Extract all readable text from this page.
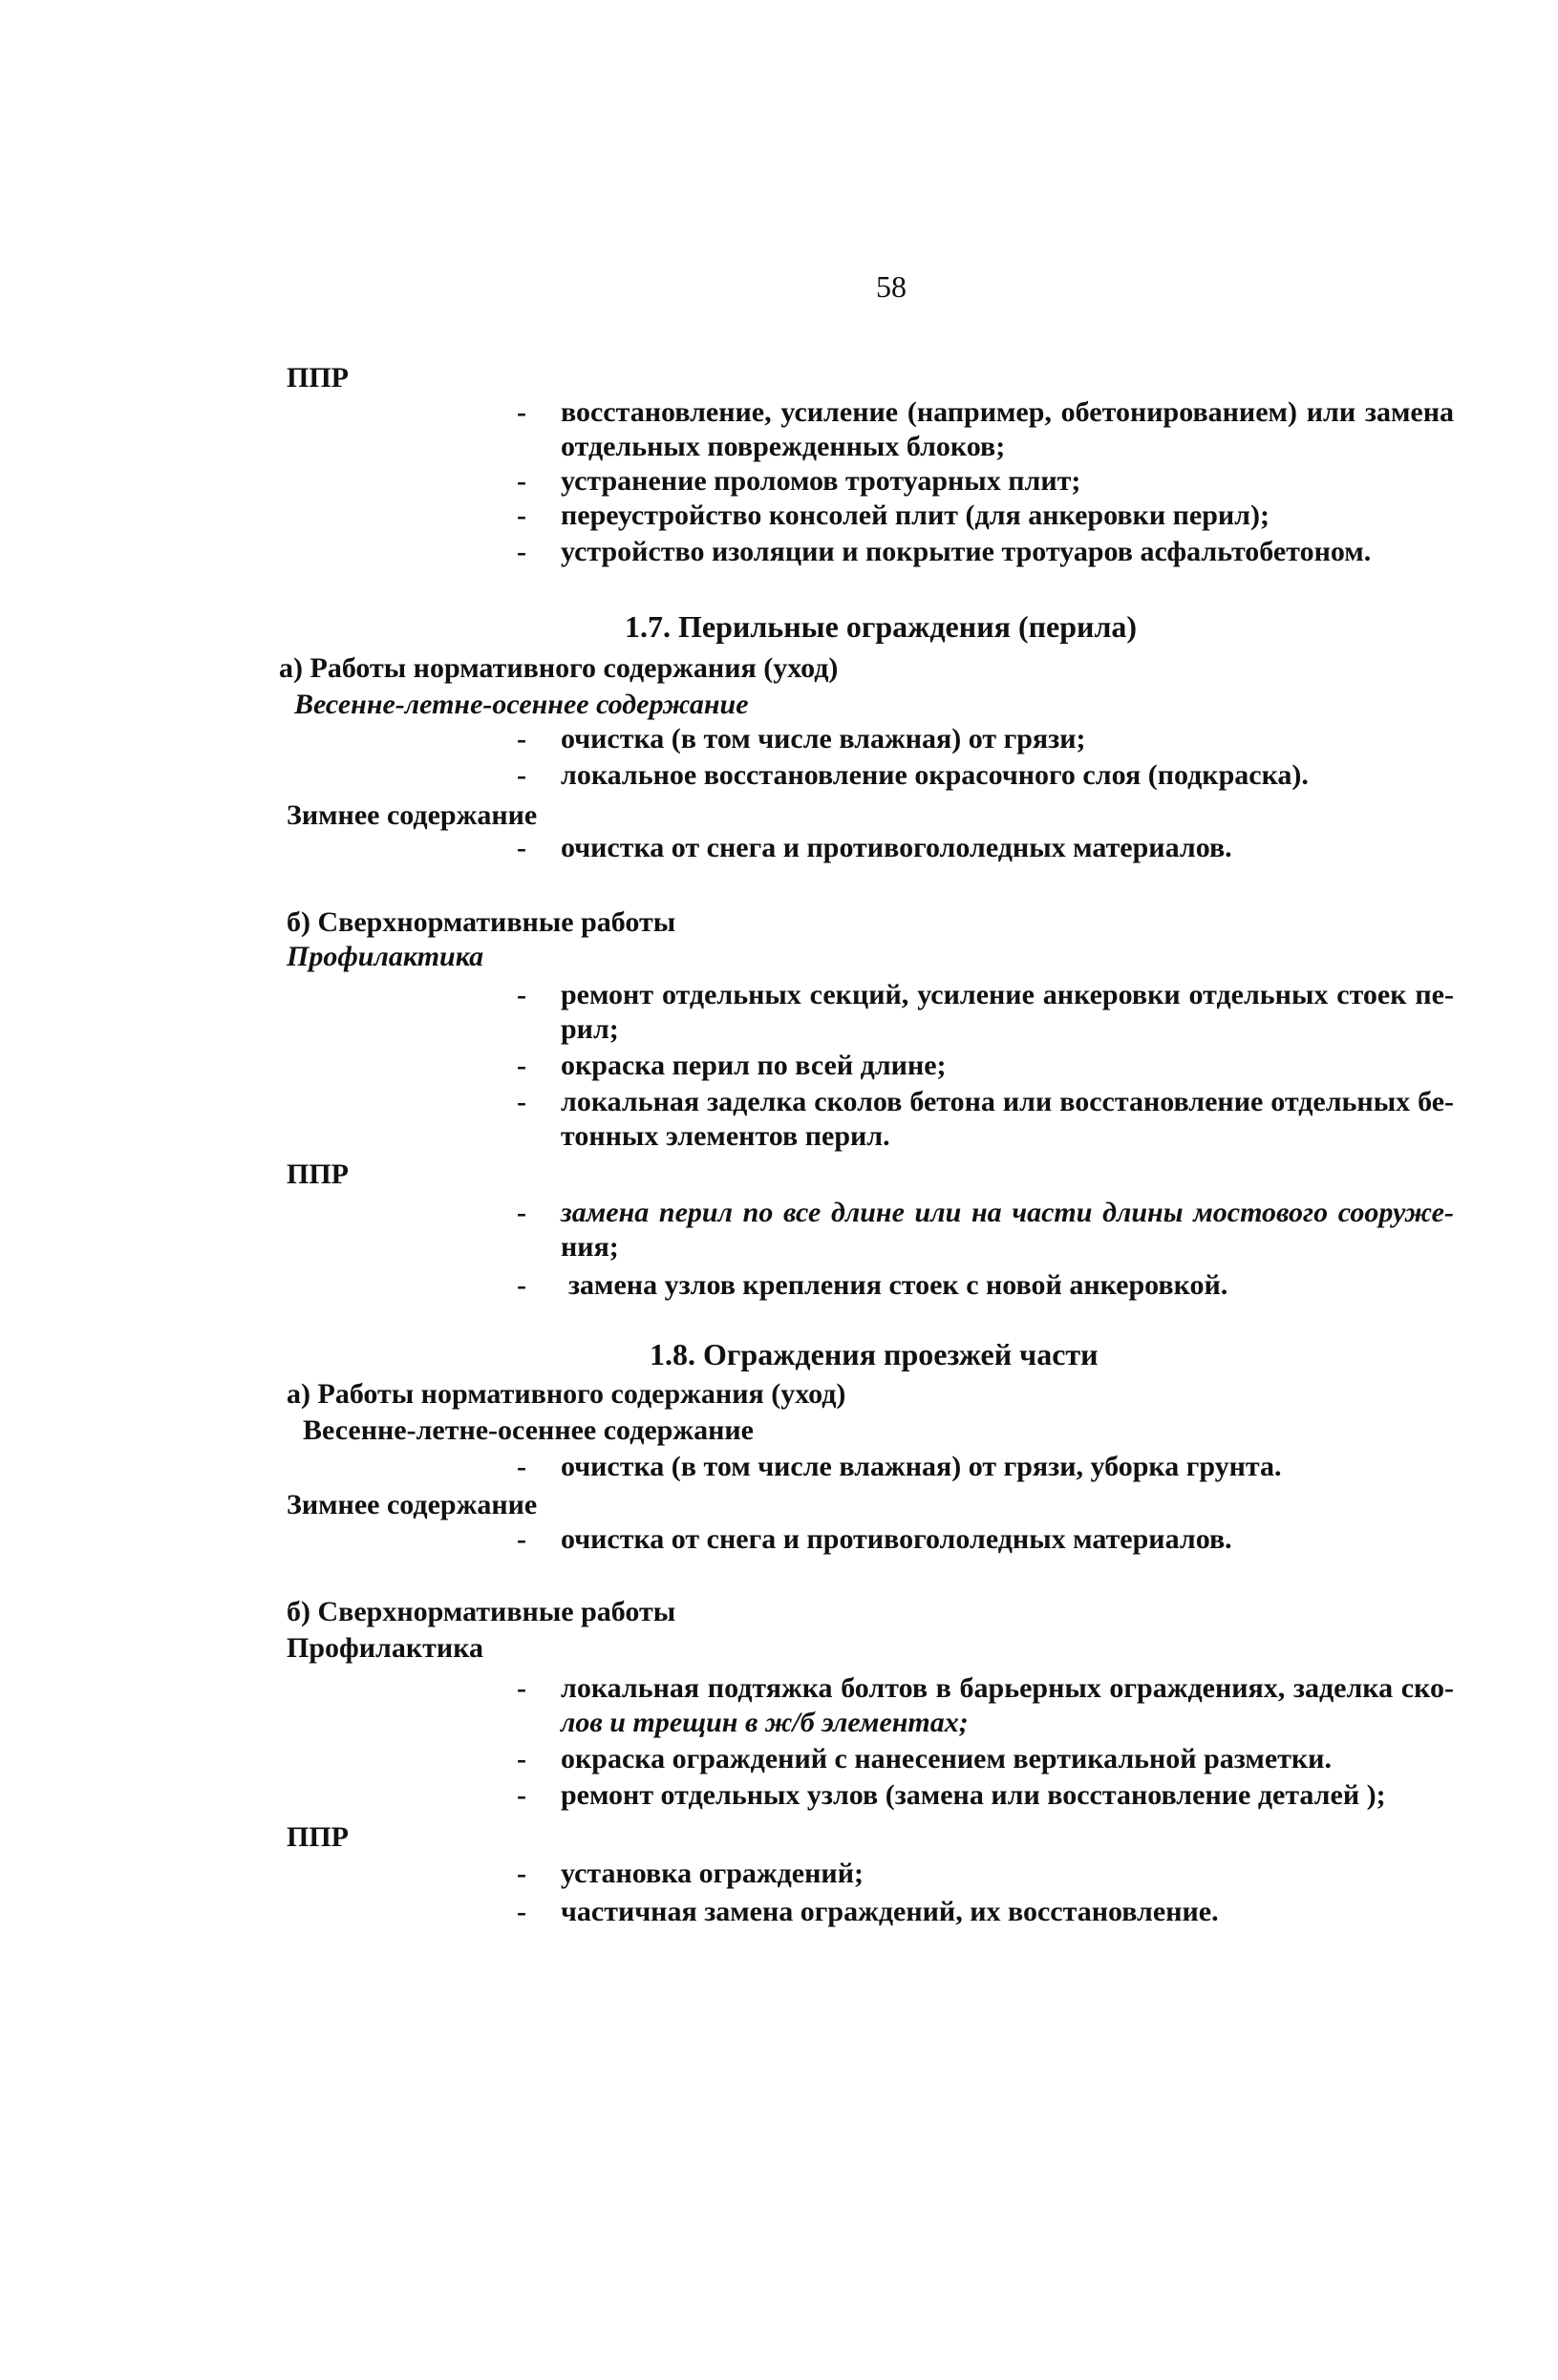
58
ППР
- восстановление, усиление (например, обетонированием) или замена
отдельных поврежденных блоков;
- устранение проломов тротуарных плит;
- переустройство консолей плит (для анкеровки перил);
- устройство изоляции и покрытие тротуаров асфальтобетоном.
1.7. Перильные ограждения (перила)
а) Работы нормативного содержания (уход)
Весенне-летне-осеннее содержание
- очистка (в том числе влажная) от грязи;
- локальное восстановление окрасочного слоя (подкраска).
Зимнее содержание
- очистка от снега и противогололедных материалов.
б) Сверхнормативные работы
Профилактика
- ремонт отдельных секций, усиление анкеровки отдельных стоек пе-
рил;
- окраска перил по всей длине;
- локальная заделка сколов бетона или восстановление отдельных бе-
тонных элементов перил.
ППР
- замена перил по все длине или на части длины мостового сооруже-
ния;
- замена узлов крепления стоек с новой анкеровкой.
1.8. Ограждения проезжей части
а) Работы нормативного содержания (уход)
Весенне-летне-осеннее содержание
- очистка (в том числе влажная) от грязи, уборка грунта.
Зимнее содержание
- очистка от снега и противогололедных материалов.
б) Сверхнормативные работы
Профилактика
- локальная подтяжка болтов в барьерных ограждениях, заделка ско-
лов и трещин в ж/б элементах;
- окраска ограждений с нанесением вертикальной разметки.
- ремонт отдельных узлов (замена или восстановление деталей );
ППР
- установка ограждений;
- частичная замена ограждений, их восстановление.
